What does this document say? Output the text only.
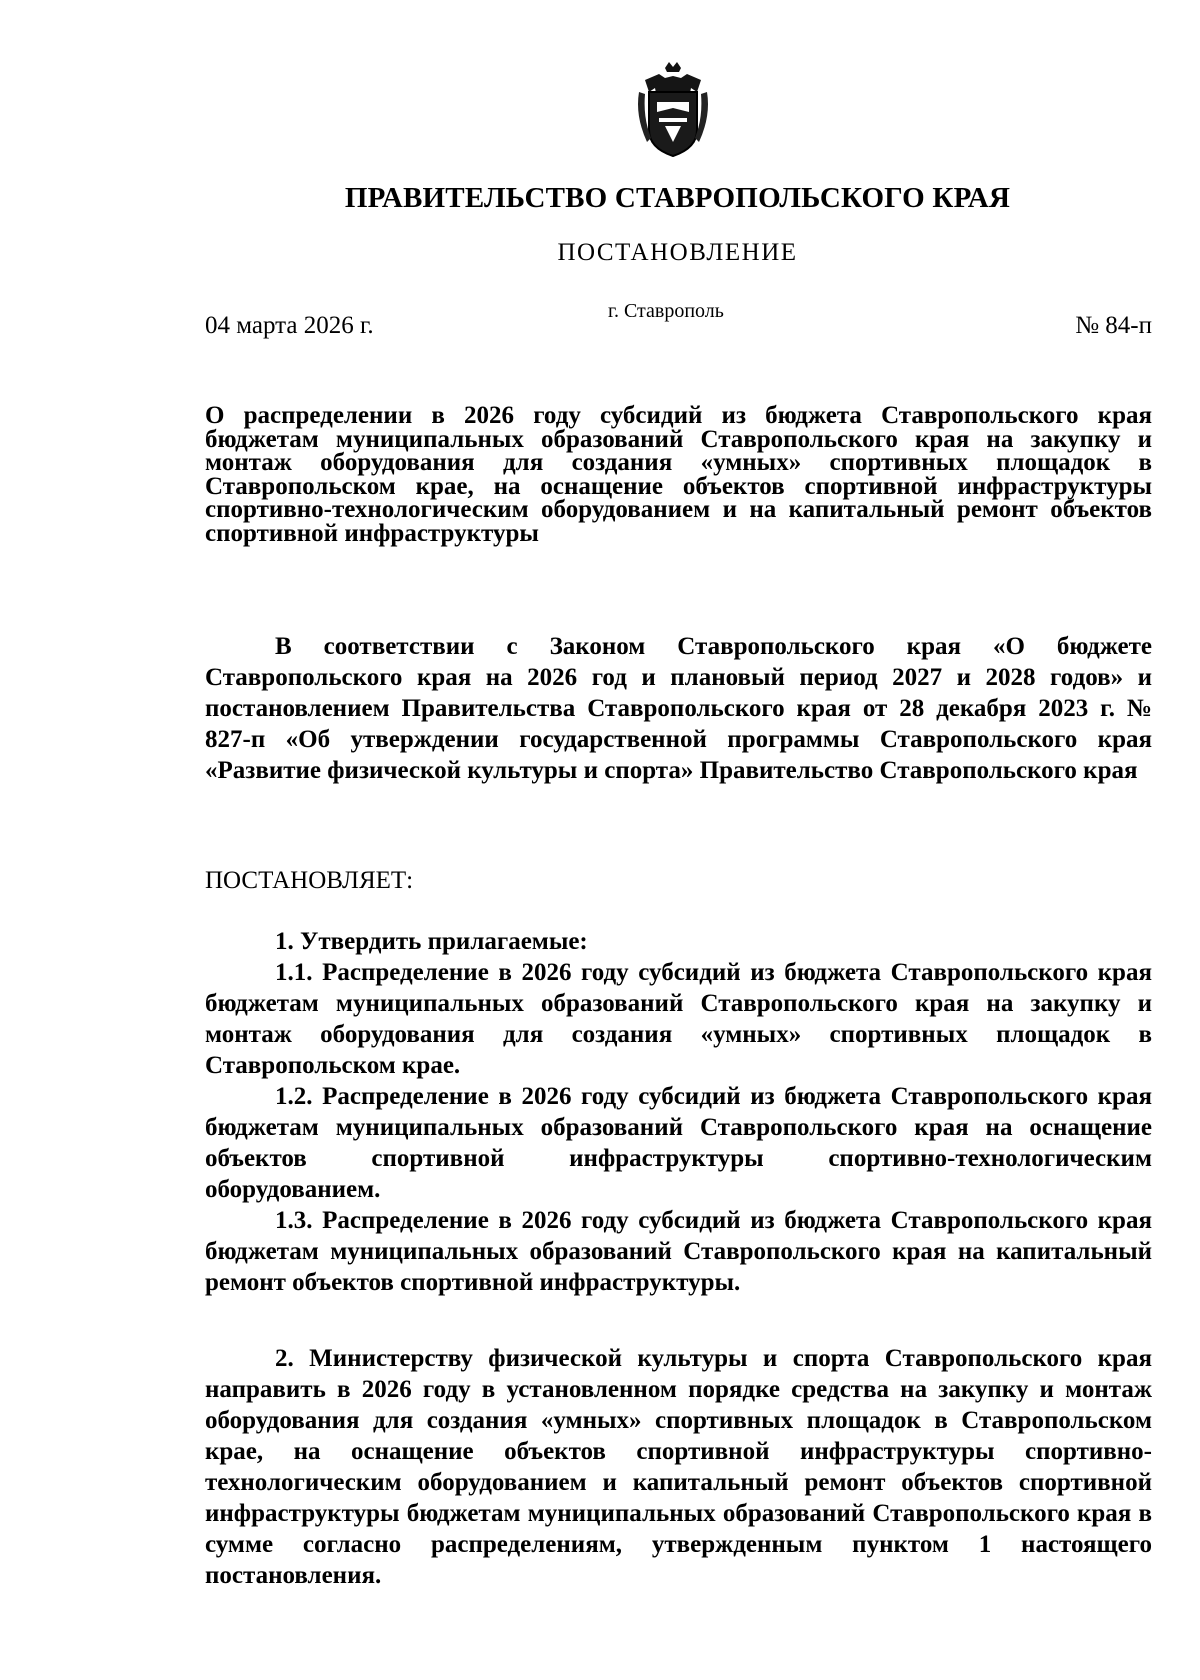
ПРАВИТЕЛЬСТВО СТАВРОПОЛЬСКОГО КРАЯ
ПОСТАНОВЛЕНИЕ
04 марта 2026 г.
г. Ставрополь
№ 84-п
О распределении в 2026 году субсидий из бюджета Ставропольского края бюджетам муниципальных образований Ставропольского края на закупку и монтаж оборудования для создания «умных» спортивных площадок в Ставропольском крае, на оснащение объектов спортивной инфраструктуры спортивно-технологическим оборудованием и на капитальный ремонт объектов спортивной инфраструктуры

В соответствии с Законом Ставропольского края «О бюджете Ставропольского края на 2026 год и плановый период 2027 и 2028 годов» и постановлением Правительства Ставропольского края от 28 декабря 2023 г. № 827-п «Об утверждении государственной программы Ставропольского края «Развитие физической культуры и спорта» Правительство Ставропольского края

ПОСТАНОВЛЯЕТ:

1. Утвердить прилагаемые:

1.1. Распределение в 2026 году субсидий из бюджета Ставропольского края бюджетам муниципальных образований Ставропольского края на закупку и монтаж оборудования для создания «умных» спортивных площадок в Ставропольском крае.

1.2. Распределение в 2026 году субсидий из бюджета Ставропольского края бюджетам муниципальных образований Ставропольского края на оснащение объектов спортивной инфраструктуры спортивно-технологическим оборудованием.

1.3. Распределение в 2026 году субсидий из бюджета Ставропольского края бюджетам муниципальных образований Ставропольского края на капитальный ремонт объектов спортивной инфраструктуры.

2. Министерству физической культуры и спорта Ставропольского края направить в 2026 году в установленном порядке средства на закупку и монтаж оборудования для создания «умных» спортивных площадок в Ставропольском крае, на оснащение объектов спортивной инфраструктуры спортивно-технологическим оборудованием и капитальный ремонт объектов спортивной инфраструктуры бюджетам муниципальных образований Ставропольского края в сумме согласно распределениям, утвержденным пунктом 1 настоящего постановления.
